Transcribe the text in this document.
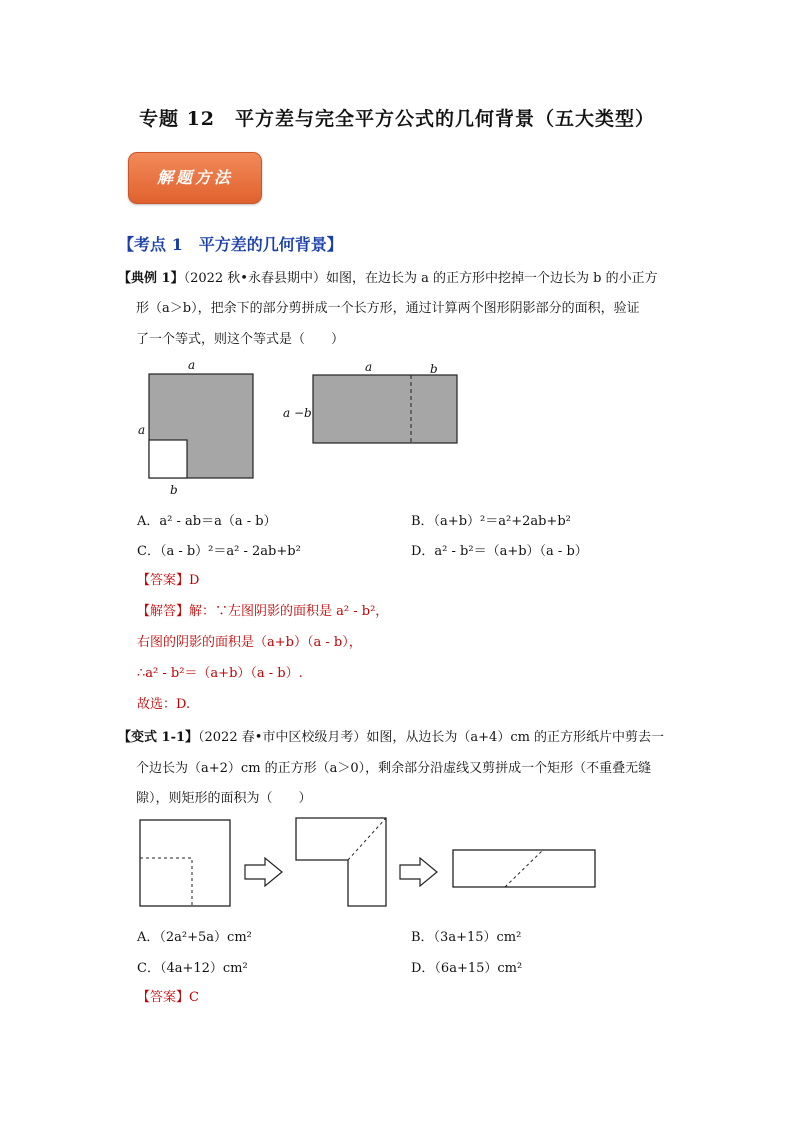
专题 12　平方差与完全平方公式的几何背景（五大类型）
解题方法
【考点 1　平方差的几何背景】
【典例 1】（2022 秋•永春县期中）如图，在边长为 a 的正方形中挖掉一个边长为 b 的小正方
形（a＞b），把余下的部分剪拼成一个长方形，通过计算两个图形阴影部分的面积，验证
了一个等式，则这个等式是（　　）
a
a
b
a	b
a −b
A．a² - ab＝a（a - b）	B．（a+b）²＝a²+2ab+b²
C．（a - b）²＝a² - 2ab+b²	D．a² - b²＝（a+b）（a - b）
【答案】D
【解答】解：∵左图阴影的面积是 a² - b²，
右图的阴影的面积是（a+b）（a - b），
∴a² - b²＝（a+b）（a - b）.
故选：D.
【变式 1-1】（2022 春•市中区校级月考）如图，从边长为（a+4）cm 的正方形纸片中剪去一
个边长为（a+2）cm 的正方形（a＞0），剩余部分沿虚线又剪拼成一个矩形（不重叠无缝
隙），则矩形的面积为（　　）
A．（2a²+5a）cm²	B．（3a+15）cm²
C．（4a+12）cm²	D．（6a+15）cm²
【答案】C
